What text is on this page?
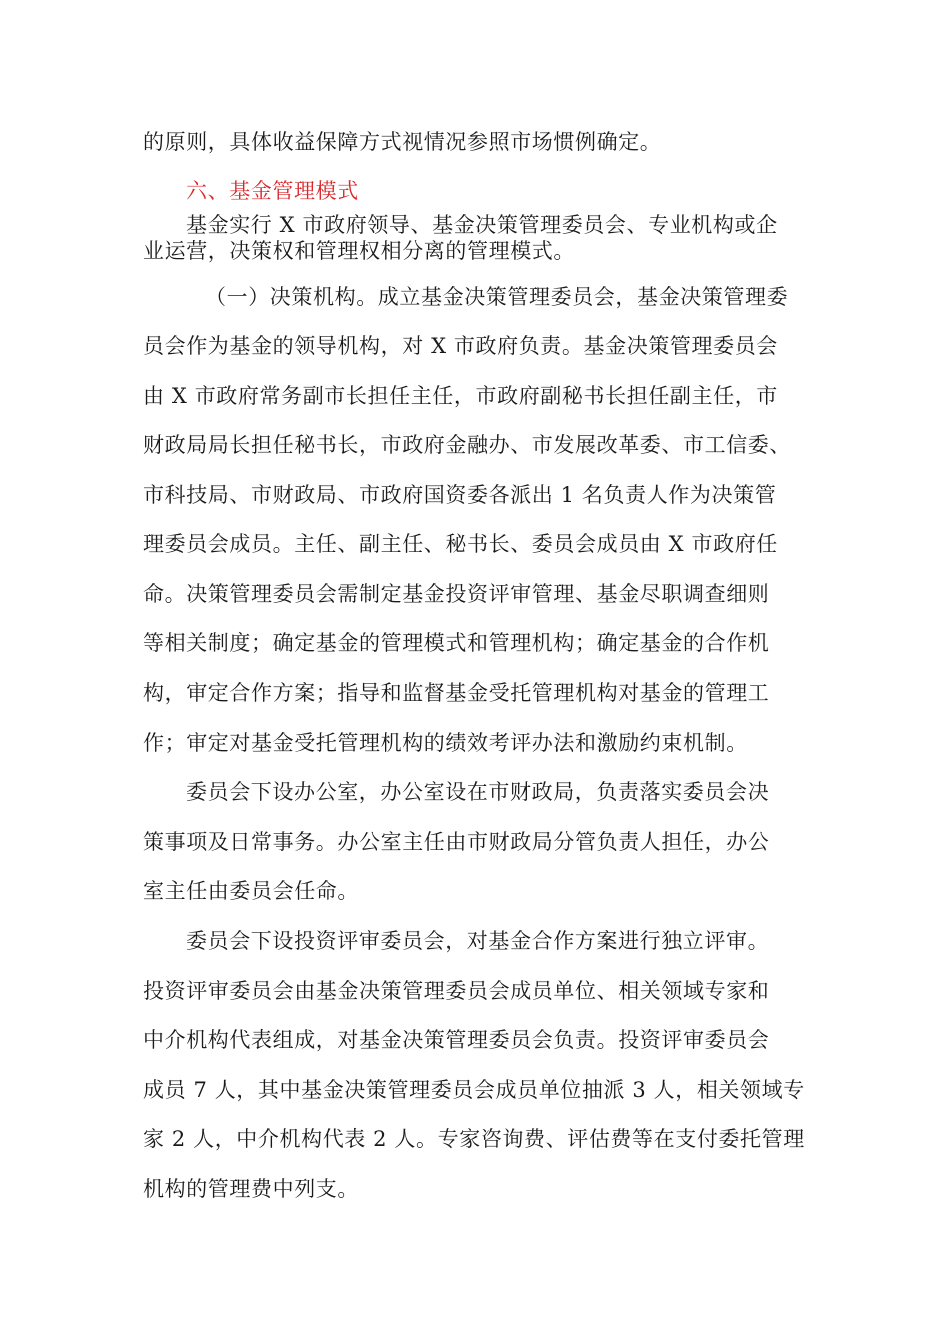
的原则，具体收益保障方式视情况参照市场惯例确定。
六、基金管理模式
基金实行 X 市政府领导、基金决策管理委员会、专业机构或企
业运营，决策权和管理权相分离的管理模式。
（一）决策机构。成立基金决策管理委员会，基金决策管理委
员会作为基金的领导机构，对 X 市政府负责。基金决策管理委员会
由 X 市政府常务副市长担任主任，市政府副秘书长担任副主任，市
财政局局长担任秘书长，市政府金融办、市发展改革委、市工信委、
市科技局、市财政局、市政府国资委各派出 1 名负责人作为决策管
理委员会成员。主任、副主任、秘书长、委员会成员由 X 市政府任
命。决策管理委员会需制定基金投资评审管理、基金尽职调查细则
等相关制度；确定基金的管理模式和管理机构；确定基金的合作机
构，审定合作方案；指导和监督基金受托管理机构对基金的管理工
作；审定对基金受托管理机构的绩效考评办法和激励约束机制。
委员会下设办公室，办公室设在市财政局，负责落实委员会决
策事项及日常事务。办公室主任由市财政局分管负责人担任，办公
室主任由委员会任命。
委员会下设投资评审委员会，对基金合作方案进行独立评审。
投资评审委员会由基金决策管理委员会成员单位、相关领域专家和
中介机构代表组成，对基金决策管理委员会负责。投资评审委员会
成员 7 人，其中基金决策管理委员会成员单位抽派 3 人，相关领域专
家 2 人，中介机构代表 2 人。专家咨询费、评估费等在支付委托管理
机构的管理费中列支。
